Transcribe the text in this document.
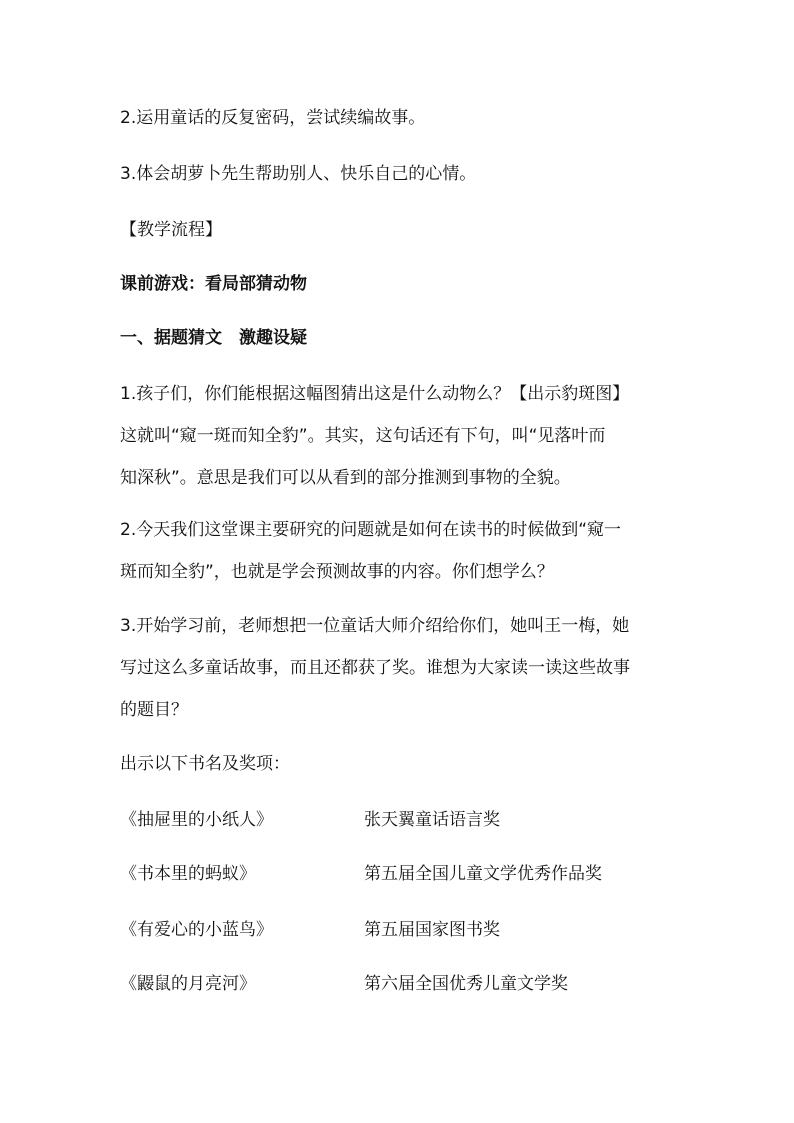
2.运用童话的反复密码，尝试续编故事。
3.体会胡萝卜先生帮助别人、快乐自己的心情。
【教学流程】
课前游戏：看局部猜动物
一、据题猜文　激趣设疑
1.孩子们，你们能根据这幅图猜出这是什么动物么？【出示豹斑图】
这就叫“窥一斑而知全豹”。其实，这句话还有下句，叫“见落叶而
知深秋”。意思是我们可以从看到的部分推测到事物的全貌。
2.今天我们这堂课主要研究的问题就是如何在读书的时候做到“窥一
斑而知全豹”，也就是学会预测故事的内容。你们想学么？
3.开始学习前，老师想把一位童话大师介绍给你们，她叫王一梅，她
写过这么多童话故事，而且还都获了奖。谁想为大家读一读这些故事
的题目？
出示以下书名及奖项：
《抽屉里的小纸人》	张天翼童话语言奖
《书本里的蚂蚁》	第五届全国儿童文学优秀作品奖
《有爱心的小蓝鸟》	第五届国家图书奖
《鼹鼠的月亮河》	第六届全国优秀儿童文学奖
